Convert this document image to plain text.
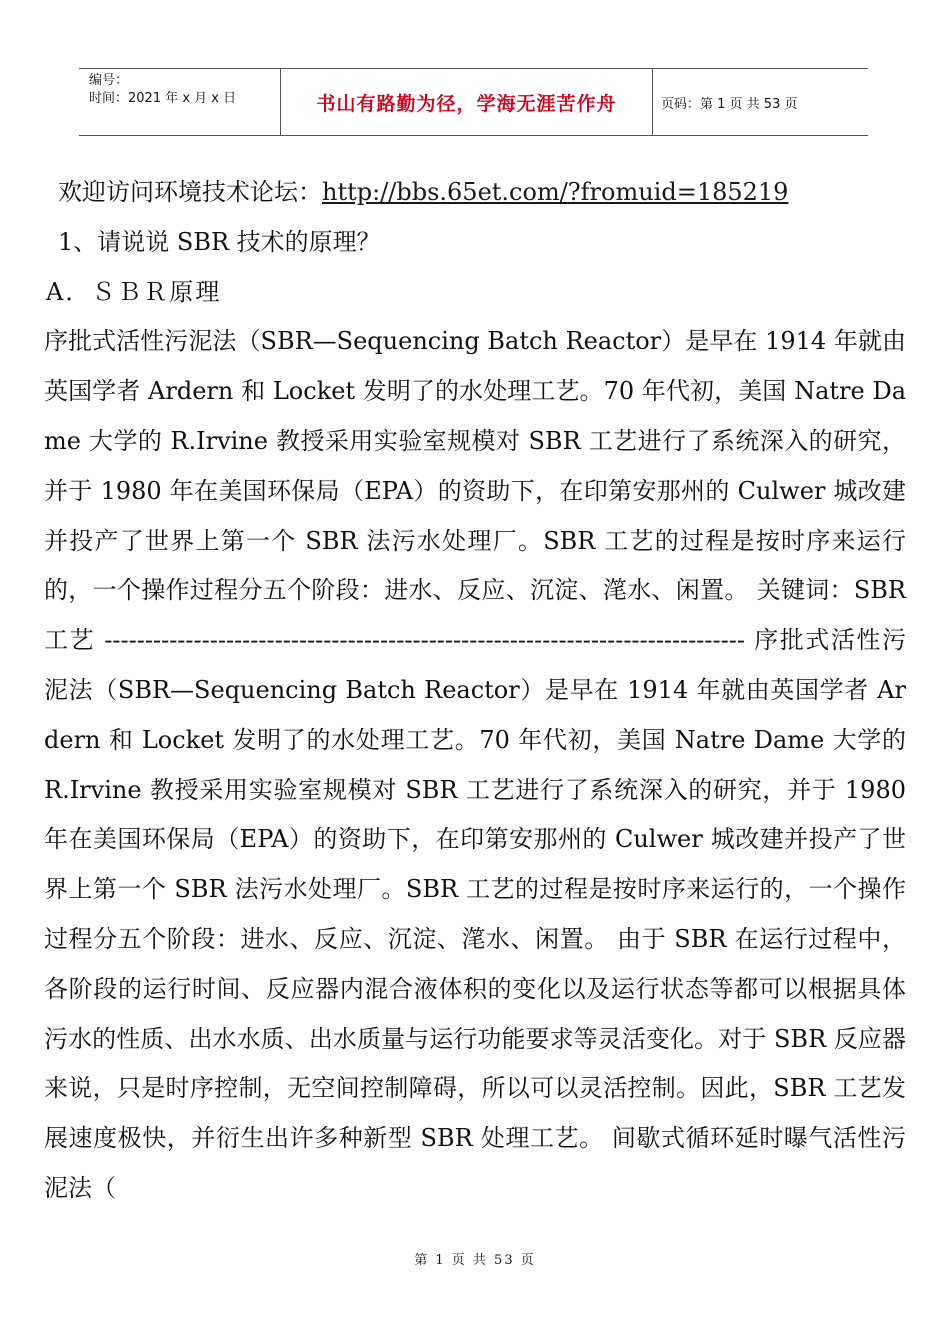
编号：
时间：2021 年 x 月 x 日	书山有路勤为径，学海无涯苦作舟	页码：第 1 页 共 53 页

欢迎访问环境技术论坛：http://bbs.65et.com/?fromuid=185219

1、请说说 SBR 技术的原理？

A．ＳＢＲ原理

序批式活性污泥法（SBR—Sequencing Batch Reactor）是早在 1914 年就由英国学者 Ardern 和 Locket 发明了的水处理工艺。70 年代初，美国 Natre Dame 大学的 R.Irvine 教授采用实验室规模对 SBR 工艺进行了系统深入的研究，并于 1980 年在美国环保局（EPA）的资助下，在印第安那州的 Culwer 城改建并投产了世界上第一个 SBR 法污水处理厂。SBR 工艺的过程是按时序来运行的，一个操作过程分五个阶段：进水、反应、沉淀、滗水、闲置。 关键词：SBR 工艺 ------------------------------------------------------------------------------- 序批式活性污泥法（SBR—Sequencing Batch Reactor）是早在 1914 年就由英国学者 Ardern 和 Locket 发明了的水处理工艺。70 年代初，美国 Natre Dame 大学的 R.Irvine 教授采用实验室规模对 SBR 工艺进行了系统深入的研究，并于 1980 年在美国环保局（EPA）的资助下，在印第安那州的 Culwer 城改建并投产了世界上第一个 SBR 法污水处理厂。SBR 工艺的过程是按时序来运行的，一个操作过程分五个阶段：进水、反应、沉淀、滗水、闲置。 由于 SBR 在运行过程中，各阶段的运行时间、反应器内混合液体积的变化以及运行状态等都可以根据具体污水的性质、出水水质、出水质量与运行功能要求等灵活变化。对于 SBR 反应器来说，只是时序控制，无空间控制障碍，所以可以灵活控制。因此，SBR 工艺发展速度极快，并衍生出许多种新型 SBR 处理工艺。 间歇式循环延时曝气活性污泥法（

第 1 页 共 53 页
